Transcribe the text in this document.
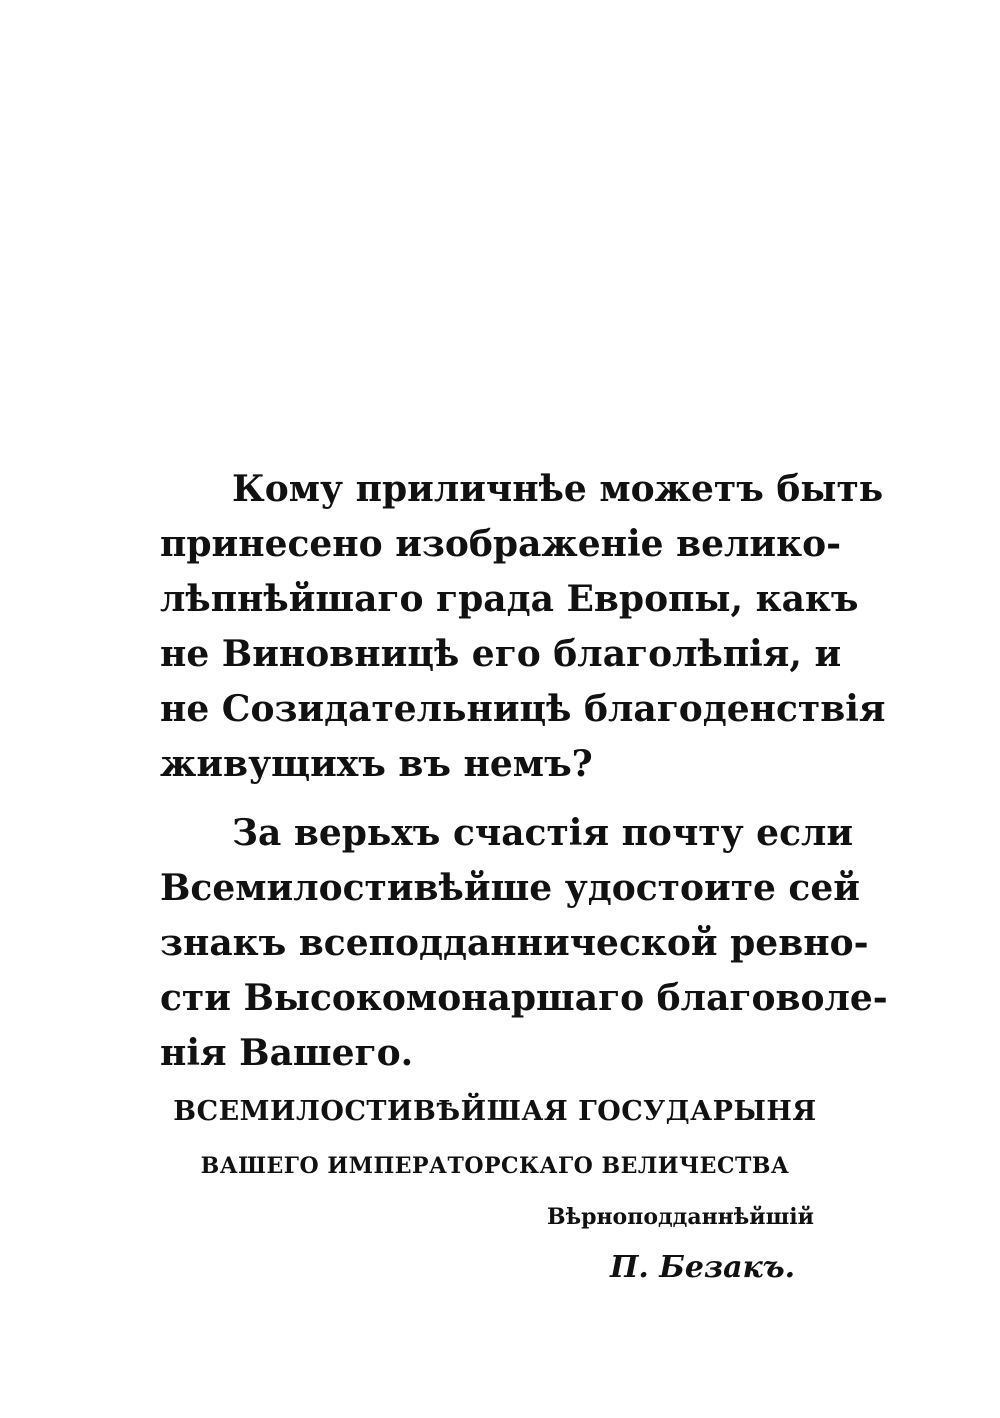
Кому приличнѣе можетъ быть
принесено изображенiе велико-
лѣпнѣйшаго града Европы, какъ
не Виновницѣ его благолѣпiя, и
не Созидательницѣ благоденствiя
живущихъ въ немъ?
За верьхъ счастiя почту если
Всемилостивѣйше удостоите сей
знакъ всеподданнической ревно-
сти Высокомонаршаго благоволе-
нiя Вашего.
ВСЕМИЛОСТИВѢЙШАЯ ГОСУДАРЫНЯ
ВАШЕГО ИМПЕРАТОРСКАГО ВЕЛИЧЕСТВА
Вѣрноподданнѣйшiй
П. Безакъ.
